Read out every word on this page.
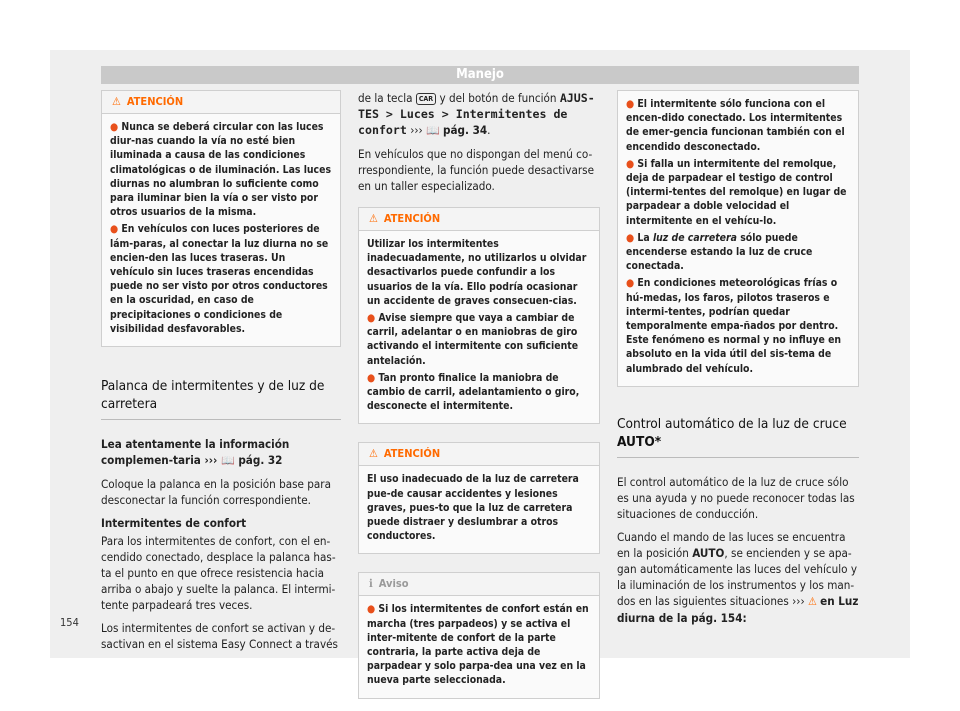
Manejo
⚠ ATENCIÓN
● Nunca se deberá circular con las luces diur-nas cuando la vía no esté bien iluminada a causa de las condiciones climatológicas o de iluminación. Las luces diurnas no alumbran lo suficiente como para iluminar bien la vía o ser visto por otros usuarios de la misma.
● En vehículos con luces posteriores de lám-paras, al conectar la luz diurna no se encien-den las luces traseras. Un vehículo sin luces traseras encendidas puede no ser visto por otros conductores en la oscuridad, en caso de precipitaciones o condiciones de visibilidad desfavorables.
Palanca de intermitentes y de luz de carretera

Lea atentamente la información complemen-taria ››› 📖 pág. 32

Coloque la palanca en la posición base para desconectar la función correspondiente.

Intermitentes de confort

Para los intermitentes de confort, con el en-cendido conectado, desplace la palanca has-ta el punto en que ofrece resistencia hacia arriba o abajo y suelte la palanca. El intermi-tente parpadeará tres veces.

Los intermitentes de confort se activan y de-sactivan en el sistema Easy Connect a través

de la tecla CAR y del botón de función AJUS-TES > Luces > Intermitentes de confort ››› 📖 pág. 34.

En vehículos que no dispongan del menú co-rrespondiente, la función puede desactivarse en un taller especializado.

⚠ ATENCIÓN
Utilizar los intermitentes inadecuadamente, no utilizarlos u olvidar desactivarlos puede confundir a los usuarios de la vía. Ello podría ocasionar un accidente de graves consecuen-cias.
● Avise siempre que vaya a cambiar de carril, adelantar o en maniobras de giro activando el intermitente con suficiente antelación.
● Tan pronto finalice la maniobra de cambio de carril, adelantamiento o giro, desconecte el intermitente.
⚠ ATENCIÓN
El uso inadecuado de la luz de carretera pue-de causar accidentes y lesiones graves, pues-to que la luz de carretera puede distraer y deslumbrar a otros conductores.
ℹ Aviso
● Si los intermitentes de confort están en marcha (tres parpadeos) y se activa el inter-mitente de confort de la parte contraria, la parte activa deja de parpadear y solo parpa-dea una vez en la nueva parte seleccionada.
● El intermitente sólo funciona con el encen-dido conectado. Los intermitentes de emer-gencia funcionan también con el encendido desconectado.
● Si falla un intermitente del remolque, deja de parpadear el testigo de control (intermi-tentes del remolque) en lugar de parpadear a doble velocidad el intermitente en el vehícu-lo.
● La luz de carretera sólo puede encenderse estando la luz de cruce conectada.
● En condiciones meteorológicas frías o hú-medas, los faros, pilotos traseros e intermi-tentes, podrían quedar temporalmente empa-ñados por dentro. Este fenómeno es normal y no influye en absoluto en la vida útil del sis-tema de alumbrado del vehículo.
Control automático de la luz de cruce
AUTO*

El control automático de la luz de cruce sólo es una ayuda y no puede reconocer todas las situaciones de conducción.

Cuando el mando de las luces se encuentra en la posición AUTO, se encienden y se apa-gan automáticamente las luces del vehículo y la iluminación de los instrumentos y los man-dos en las siguientes situaciones ››› ⚠ en Luz diurna de la pág. 154:

154
